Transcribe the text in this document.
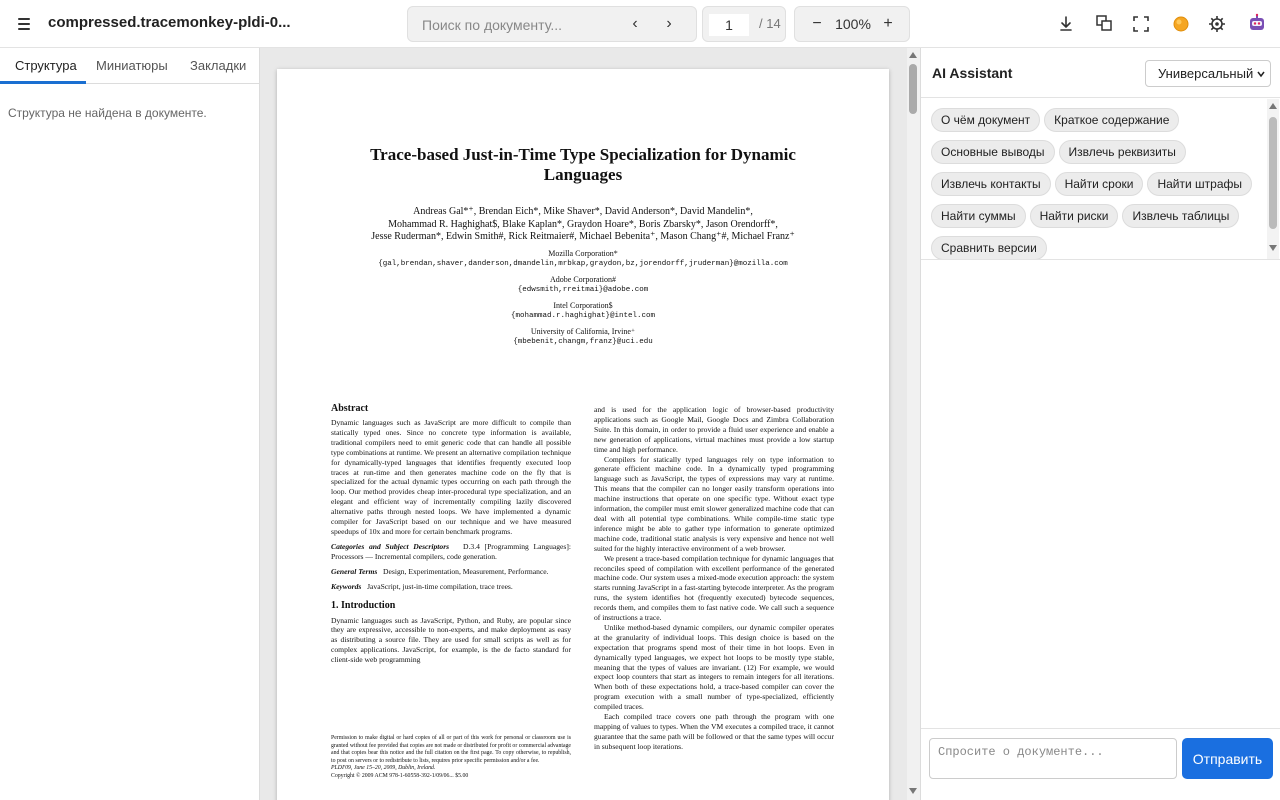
compressed.tracemonkey-pldi-0...
Поиск по документу...	‹	›
1	/ 14	− 100% +
Структура Миниатюры Закладки
Структура не найдена в документе.
Trace-based Just-in-Time Type Specialization for Dynamic Languages
Andreas Gal*⁺, Brendan Eich*, Mike Shaver*, David Anderson*, David Mandelin*,
Mohammad R. Haghighat$, Blake Kaplan*, Graydon Hoare*, Boris Zbarsky*, Jason Orendorff*,
Jesse Ruderman*, Edwin Smith#, Rick Reitmaier#, Michael Bebenita⁺, Mason Chang⁺#, Michael Franz⁺
Mozilla Corporation*
{gal,brendan,shaver,danderson,dmandelin,mrbkap,graydon,bz,jorendorff,jruderman}@mozilla.com
Adobe Corporation#
{edwsmith,rreitmai}@adobe.com
Intel Corporation$
{mohammad.r.haghighat}@intel.com
University of California, Irvine⁺
{mbebenit,changm,franz}@uci.edu
Abstract
Dynamic languages such as JavaScript are more difficult to compile than statically typed ones. Since no concrete type information is available, traditional compilers need to emit generic code that can handle all possible type combinations at runtime. We present an alternative compilation technique for dynamically-typed languages that identifies frequently executed loop traces at run-time and then generates machine code on the fly that is specialized for the actual dynamic types occurring on each path through the loop. Our method provides cheap inter-procedural type specialization, and an elegant and efficient way of incrementally compiling lazily discovered alternative paths through nested loops. We have implemented a dynamic compiler for JavaScript based on our technique and we have measured speedups of 10x and more for certain benchmark programs.
Categories and Subject Descriptors D.3.4 [Programming Languages]: Processors — Incremental compilers, code generation.
General Terms Design, Experimentation, Measurement, Performance.
Keywords JavaScript, just-in-time compilation, trace trees.
1. Introduction
Dynamic languages such as JavaScript, Python, and Ruby, are popular since they are expressive, accessible to non-experts, and make deployment as easy as distributing a source file. They are used for small scripts as well as for complex applications. JavaScript, for example, is the de facto standard for client-side web programming
Permission to make digital or hard copies of all or part of this work for personal or classroom use is granted without fee provided that copies are not made or distributed for profit or commercial advantage and that copies bear this notice and the full citation on the first page. To copy otherwise, to republish, to post on servers or to redistribute to lists, requires prior specific permission and/or a fee.
PLDI'09, June 15–20, 2009, Dublin, Ireland.
Copyright © 2009 ACM 978-1-60558-392-1/09/06... $5.00
and is used for the application logic of browser-based productivity applications such as Google Mail, Google Docs and Zimbra Collaboration Suite. In this domain, in order to provide a fluid user experience and enable a new generation of applications, virtual machines must provide a low startup time and high performance.
Compilers for statically typed languages rely on type information to generate efficient machine code. In a dynamically typed programming language such as JavaScript, the types of expressions may vary at runtime. This means that the compiler can no longer easily transform operations into machine instructions that operate on one specific type. Without exact type information, the compiler must emit slower generalized machine code that can deal with all potential type combinations. While compile-time static type inference might be able to gather type information to generate optimized machine code, traditional static analysis is very expensive and hence not well suited for the highly interactive environment of a web browser.
We present a trace-based compilation technique for dynamic languages that reconciles speed of compilation with excellent performance of the generated machine code. Our system uses a mixed-mode execution approach: the system starts running JavaScript in a fast-starting bytecode interpreter. As the program runs, the system identifies hot (frequently executed) bytecode sequences, records them, and compiles them to fast native code. We call such a sequence of instructions a trace.
Unlike method-based dynamic compilers, our dynamic compiler operates at the granularity of individual loops. This design choice is based on the expectation that programs spend most of their time in hot loops. Even in dynamically typed languages, we expect hot loops to be mostly type stable, meaning that the types of values are invariant. (12) For example, we would expect loop counters that start as integers to remain integers for all iterations. When both of these expectations hold, a trace-based compiler can cover the program execution with a small number of type-specialized, efficiently compiled traces.
Each compiled trace covers one path through the program with one mapping of values to types. When the VM executes a compiled trace, it cannot guarantee that the same path will be followed or that the same types will occur in subsequent loop iterations.
AI Assistant	Универсальный
О чём документ Краткое содержаниеОсновные выводы Извлечь реквизитыИзвлечь контакты Найти сроки Найти штрафыНайти суммы Найти риски Извлечь таблицыСравнить версии
Спросите о документе...
Отправить
